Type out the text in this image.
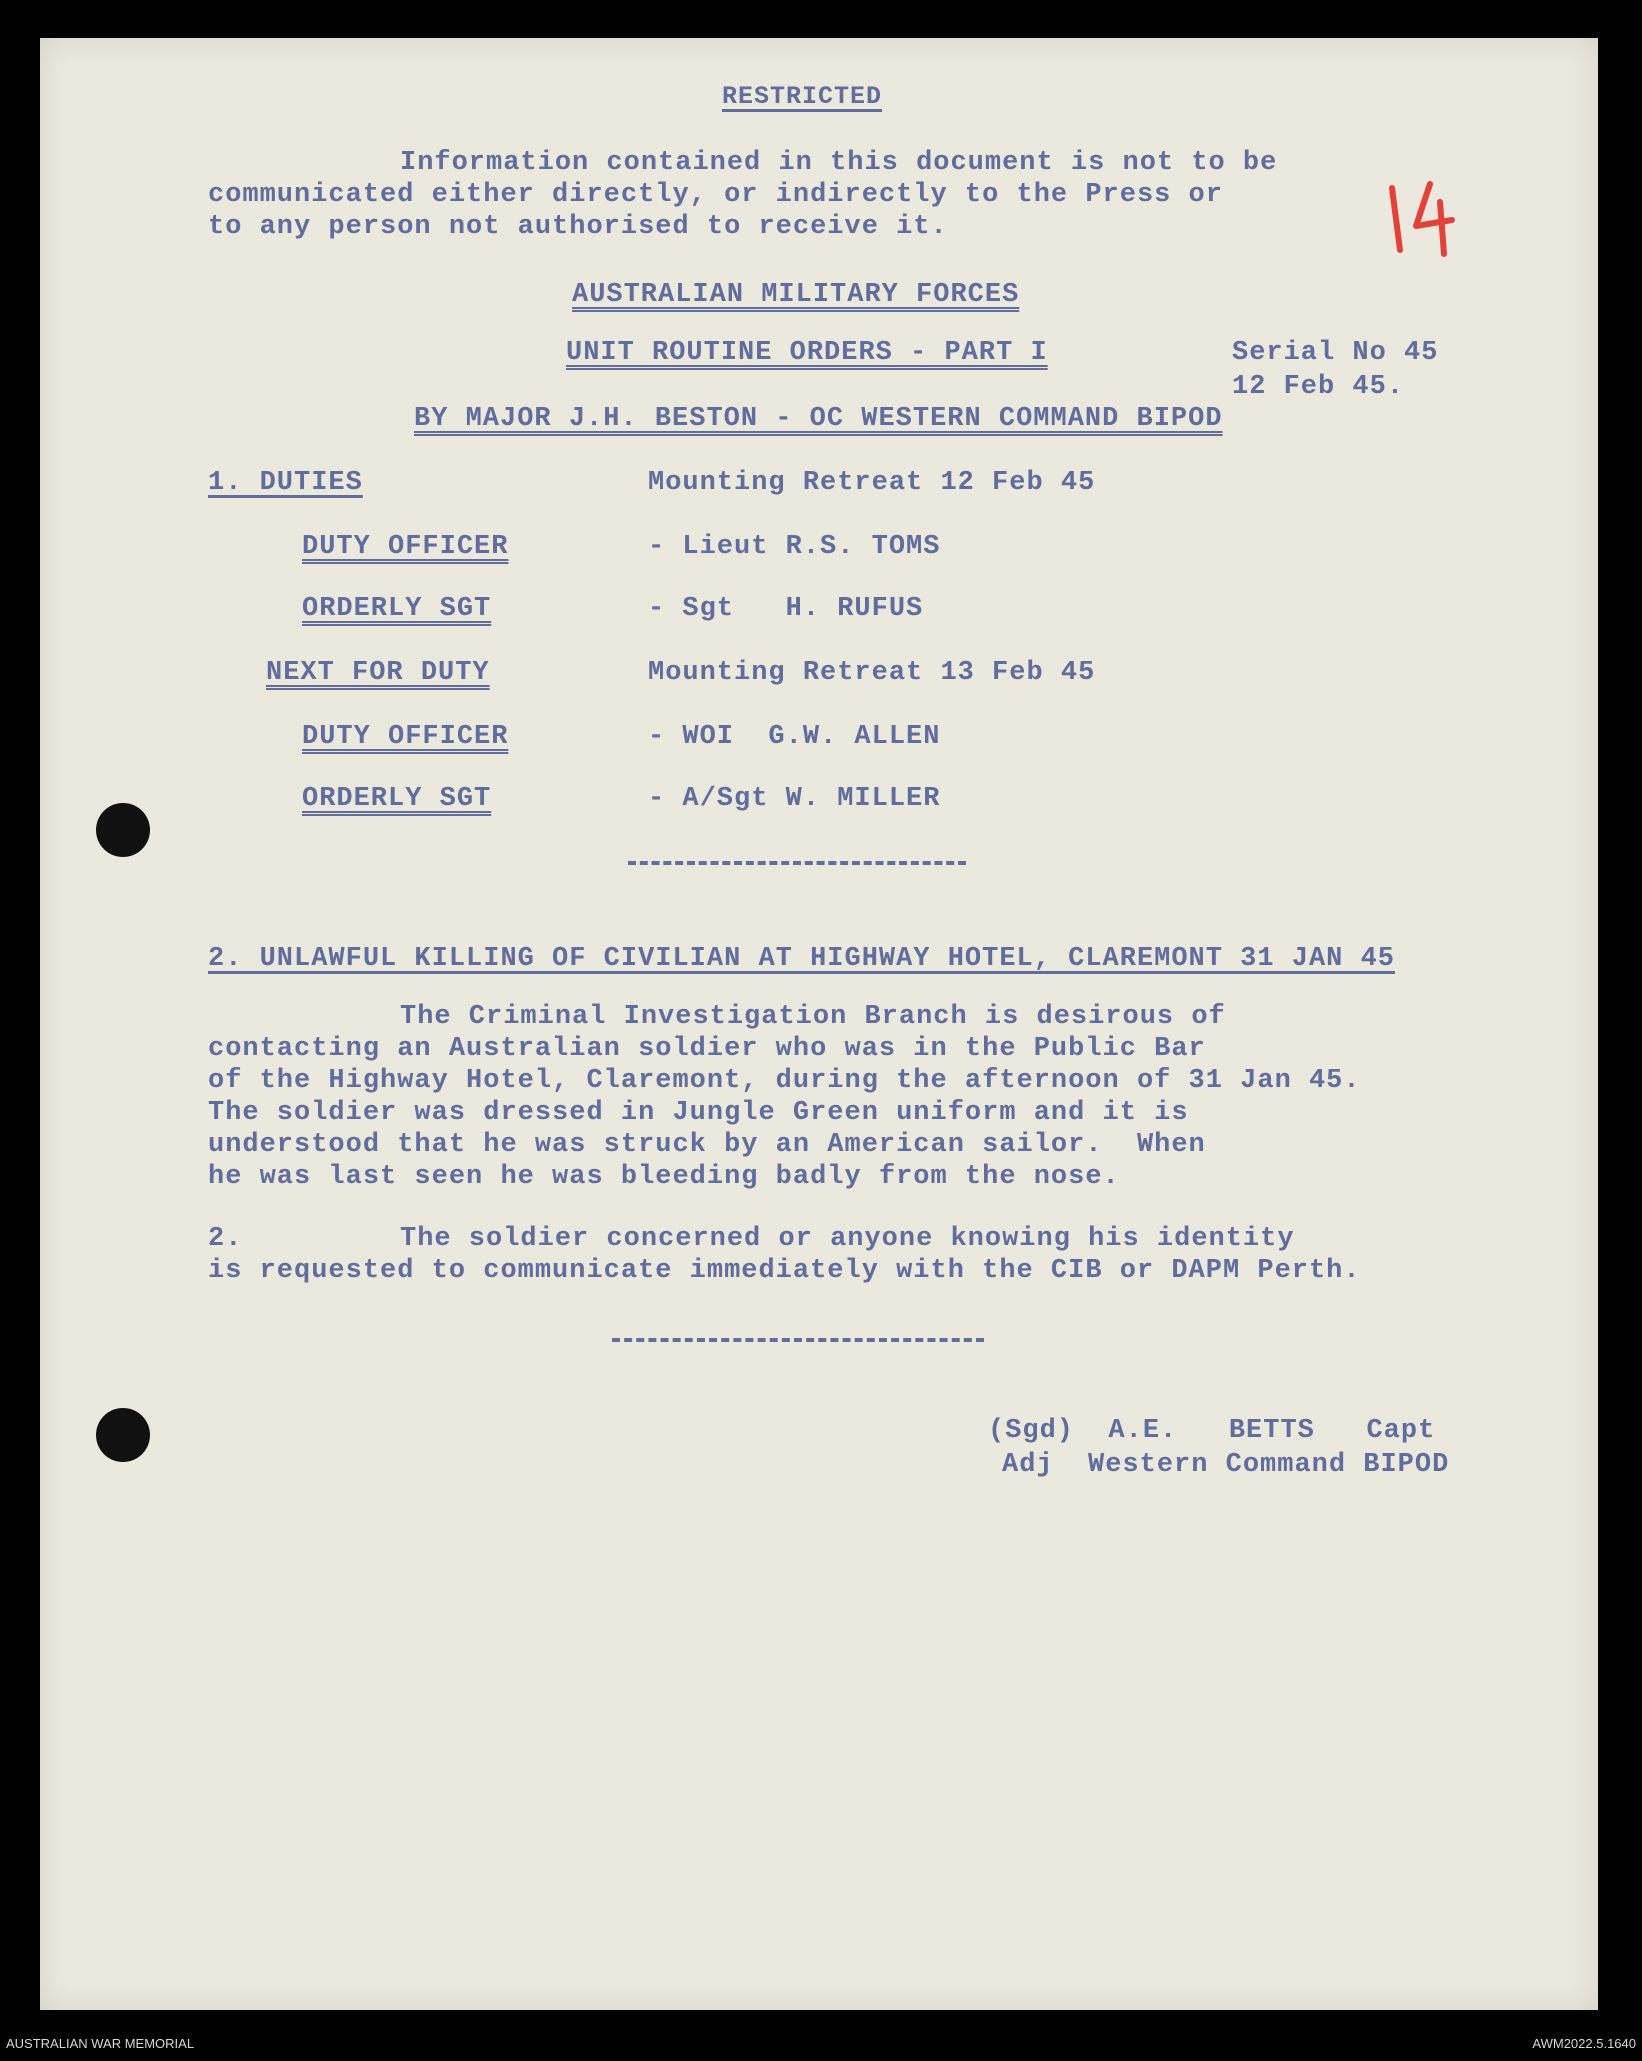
RESTRICTED
Information contained in this document is not to be
communicated either directly, or indirectly to the Press or
to any person not authorised to receive it.
14
AUSTRALIAN MILITARY FORCES
UNIT ROUTINE ORDERS - PART I	Serial No 45
12 Feb 45.
BY MAJOR J.H. BESTON - OC WESTERN COMMAND BIPOD
1. DUTIES	Mounting Retreat 12 Feb 45
DUTY OFFICER	- Lieut R.S. TOMS
ORDERLY SGT	- Sgt   H. RUFUS
NEXT FOR DUTY	Mounting Retreat 13 Feb 45
DUTY OFFICER	- WOI  G.W. ALLEN
ORDERLY SGT	- A/Sgt W. MILLER
2. UNLAWFUL KILLING OF CIVILIAN AT HIGHWAY HOTEL, CLAREMONT 31 JAN 45
The Criminal Investigation Branch is desirous of
contacting an Australian soldier who was in the Public Bar
of the Highway Hotel, Claremont, during the afternoon of 31 Jan 45.
The soldier was dressed in Jungle Green uniform and it is
understood that he was struck by an American sailor.  When
he was last seen he was bleeding badly from the nose.
2.	The soldier concerned or anyone knowing his identity
is requested to communicate immediately with the CIB or DAPM Perth.
(Sgd)  A.E.   BETTS   Capt
Adj  Western Command BIPOD
AUSTRALIAN WAR MEMORIAL	AWM2022.5.1640
